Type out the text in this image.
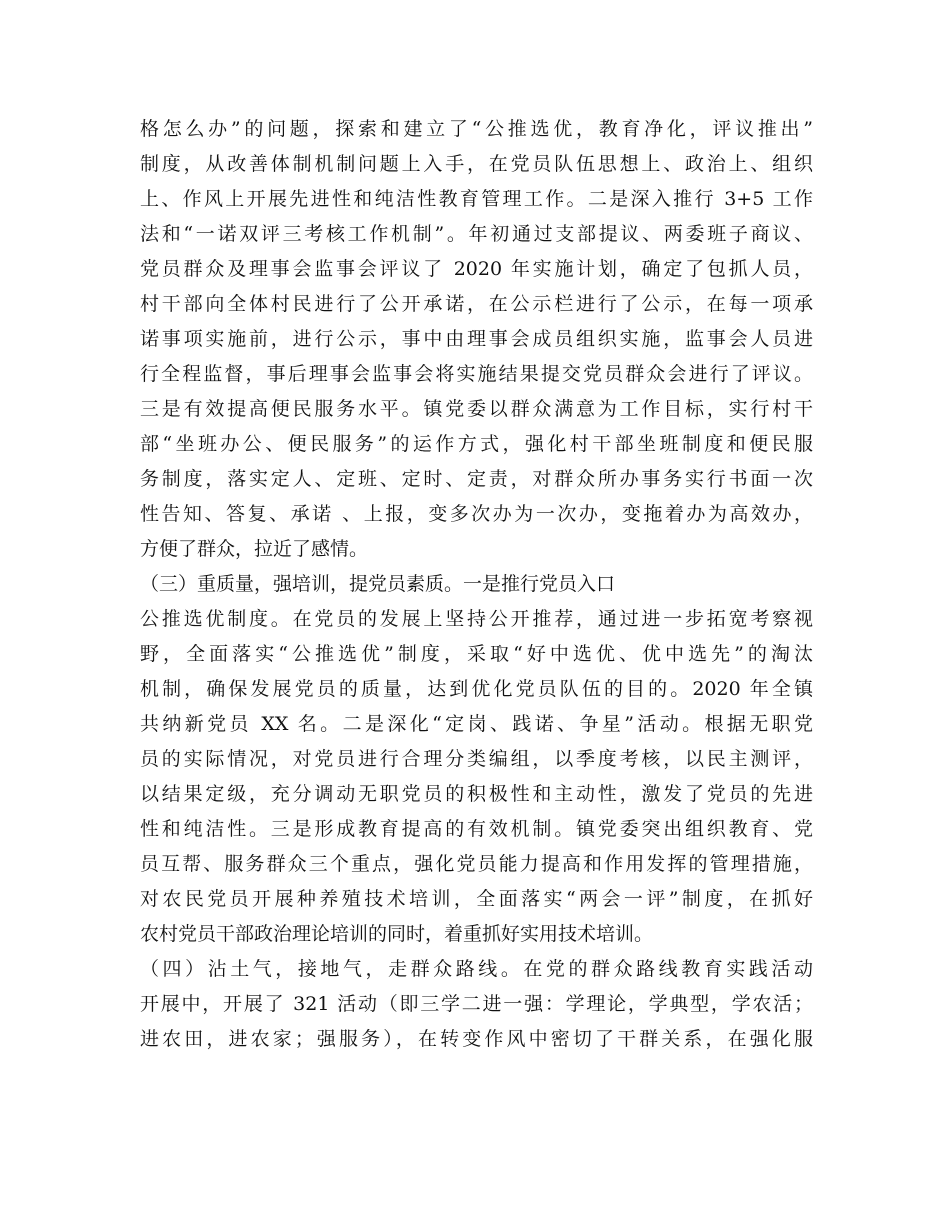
格怎么办”的问题，探索和建立了“公推选优，教育净化，评议推出”
制度，从改善体制机制问题上入手，在党员队伍思想上、政治上、组织
上、作风上开展先进性和纯洁性教育管理工作。二是深入推行 3+5 工作
法和“一诺双评三考核工作机制”。年初通过支部提议、两委班子商议、
党员群众及理事会监事会评议了 2020 年实施计划，确定了包抓人员，
村干部向全体村民进行了公开承诺，在公示栏进行了公示，在每一项承
诺事项实施前，进行公示，事中由理事会成员组织实施，监事会人员进
行全程监督，事后理事会监事会将实施结果提交党员群众会进行了评议。
三是有效提高便民服务水平。镇党委以群众满意为工作目标，实行村干
部“坐班办公、便民服务”的运作方式，强化村干部坐班制度和便民服
务制度，落实定人、定班、定时、定责，对群众所办事务实行书面一次
性告知、答复、承诺 、上报，变多次办为一次办，变拖着办为高效办，
方便了群众，拉近了感情。
（三）重质量，强培训，提党员素质。一是推行党员入口
公推选优制度。在党员的发展上坚持公开推荐，通过进一步拓宽考察视
野，全面落实“公推选优”制度，采取“好中选优、优中选先”的淘汰
机制，确保发展党员的质量，达到优化党员队伍的目的。2020 年全镇
共纳新党员 XX 名。二是深化“定岗、践诺、争星”活动。根据无职党
员的实际情况，对党员进行合理分类编组，以季度考核，以民主测评，
以结果定级，充分调动无职党员的积极性和主动性，激发了党员的先进
性和纯洁性。三是形成教育提高的有效机制。镇党委突出组织教育、党
员互帮、服务群众三个重点，强化党员能力提高和作用发挥的管理措施，
对农民党员开展种养殖技术培训，全面落实“两会一评”制度，在抓好
农村党员干部政治理论培训的同时，着重抓好实用技术培训。
（四）沾土气，接地气，走群众路线。在党的群众路线教育实践活动
开展中，开展了 321 活动（即三学二进一强：学理论，学典型，学农活；
进农田，进农家；强服务），在转变作风中密切了干群关系，在强化服
